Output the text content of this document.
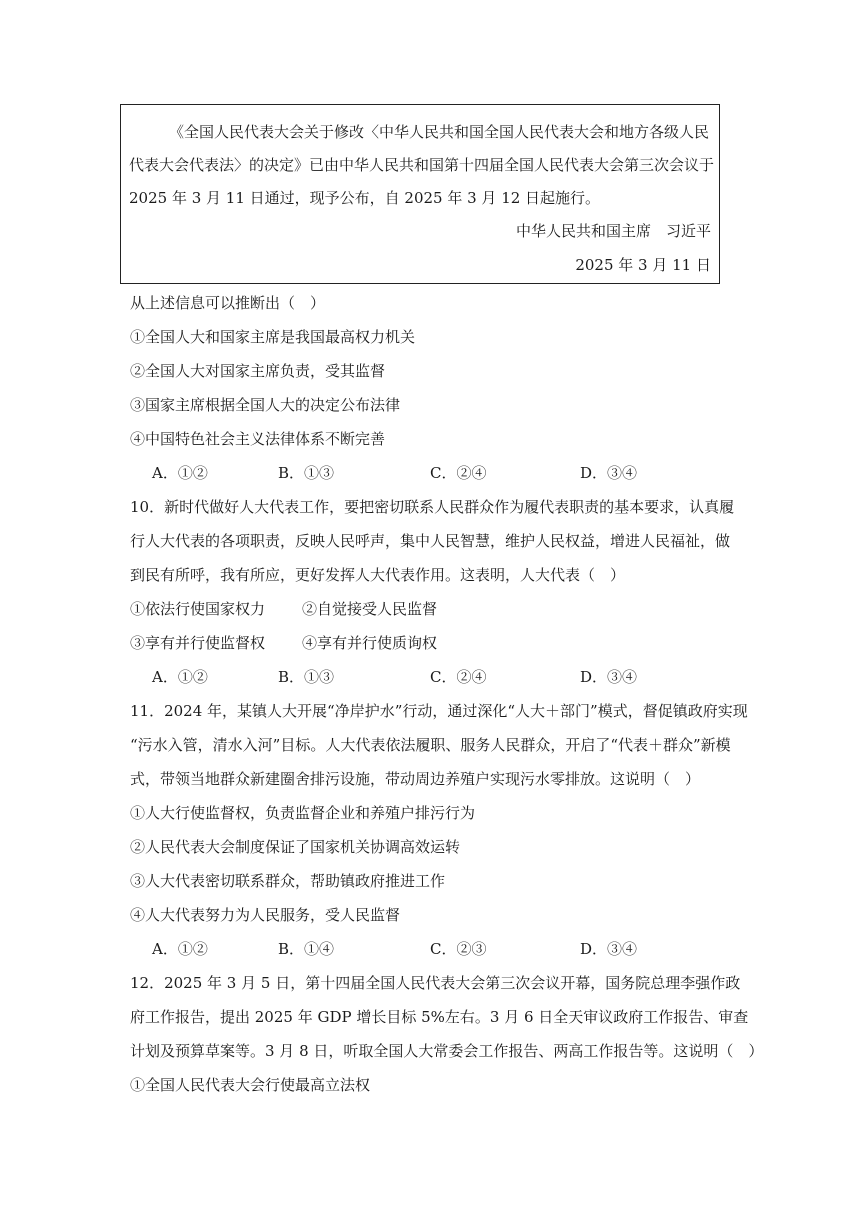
《全国人民代表大会关于修改〈中华人民共和国全国人民代表大会和地方各级人民
代表大会代表法〉的决定》已由中华人民共和国第十四届全国人民代表大会第三次会议于
2025 年 3 月 11 日通过，现予公布，自 2025 年 3 月 12 日起施行。
中华人民共和国主席　习近平
2025 年 3 月 11 日
从上述信息可以推断出（　）
①全国人大和国家主席是我国最高权力机关
②全国人大对国家主席负责，受其监督
③国家主席根据全国人大的决定公布法律
④中国特色社会主义法律体系不断完善
A．①②	B．①③	C．②④	D．③④
10．新时代做好人大代表工作，要把密切联系人民群众作为履代表职责的基本要求，认真履
行人大代表的各项职责，反映人民呼声，集中人民智慧，维护人民权益，增进人民福祉，做
到民有所呼，我有所应，更好发挥人大代表作用。这表明，人大代表（　）
①依法行使国家权力 ②自觉接受人民监督
③享有并行使监督权 ④享有并行使质询权
A．①②	B．①③	C．②④	D．③④
11．2024 年，某镇人大开展“净岸护水”行动，通过深化“人大＋部门”模式，督促镇政府实现
“污水入管，清水入河”目标。人大代表依法履职、服务人民群众，开启了“代表＋群众”新模
式，带领当地群众新建圈舍排污设施，带动周边养殖户实现污水零排放。这说明（　）
①人大行使监督权，负责监督企业和养殖户排污行为
②人民代表大会制度保证了国家机关协调高效运转
③人大代表密切联系群众，帮助镇政府推进工作
④人大代表努力为人民服务，受人民监督
A．①②	B．①④	C．②③	D．③④
12．2025 年 3 月 5 日，第十四届全国人民代表大会第三次会议开幕，国务院总理李强作政
府工作报告，提出 2025 年 GDP 增长目标 5%左右。3 月 6 日全天审议政府工作报告、审查
计划及预算草案等。3 月 8 日，听取全国人大常委会工作报告、两高工作报告等。这说明（　）
①全国人民代表大会行使最高立法权
